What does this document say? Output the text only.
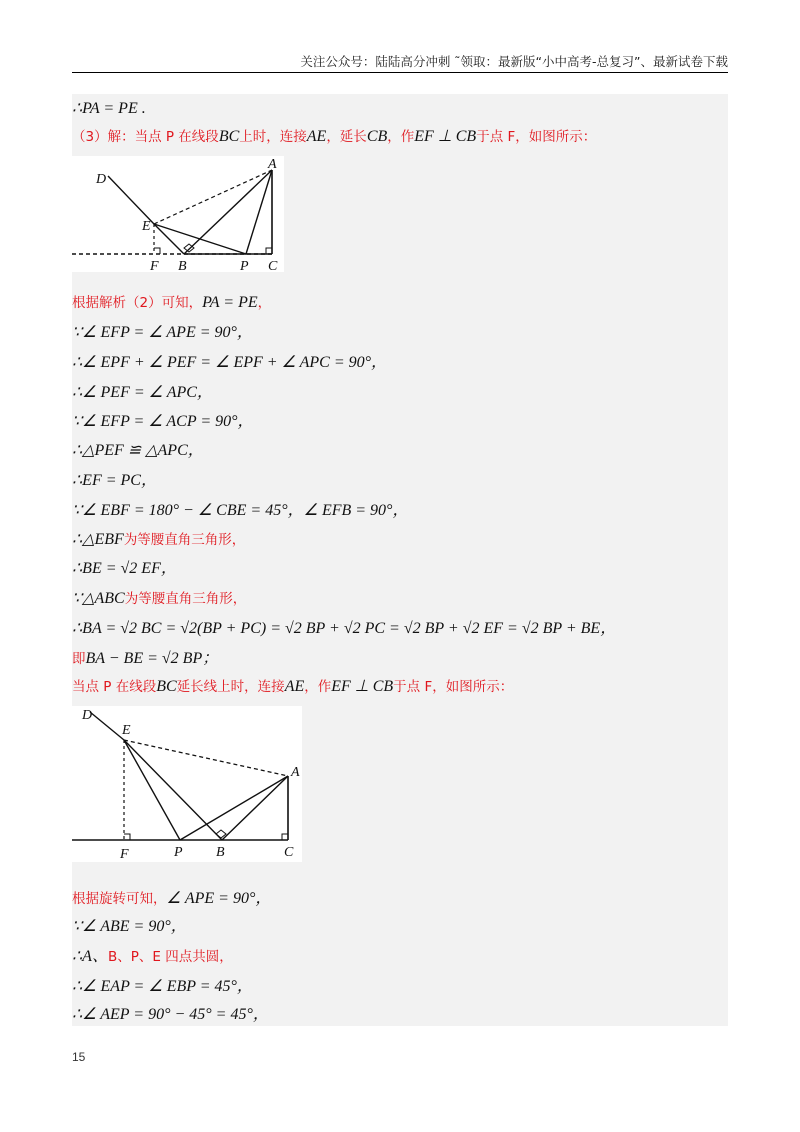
关注公众号：陆陆高分冲刺 ˜领取：最新版“小中高考-总复习”、最新试卷下载
∴PA = PE .
（3）解：当点 P 在线段BC上时，连接AE，延长CB，作EF ⊥ CB于点 F，如图所示：
D
A
E
F B	P C
根据解析（2）可知，PA = PE，
∵∠ EFP = ∠ APE = 90°，
∴∠ EPF + ∠ PEF = ∠ EPF + ∠ APC = 90°，
∴∠ PEF = ∠ APC，
∵∠ EFP = ∠ ACP = 90°，
∴△PEF ≌ △APC，
∴EF = PC，
∵∠ EBF = 180° − ∠ CBE = 45°，∠ EFB = 90°，
∴△EBF为等腰直角三角形，
∴BE = √2 EF，
∵△ABC为等腰直角三角形，
∴BA = √2 BC = √2(BP + PC) = √2 BP + √2 PC = √2 BP + √2 EF = √2 BP + BE，
即BA − BE = √2 BP；
当点 P 在线段BC延长线上时，连接AE，作EF ⊥ CB于点 F，如图所示：
D
E
A
F	P B	C
根据旋转可知，∠ APE = 90°，
∵∠ ABE = 90°，
∴A、B、P、E 四点共圆，
∴∠ EAP = ∠ EBP = 45°，
∴∠ AEP = 90° − 45° = 45°，
15
